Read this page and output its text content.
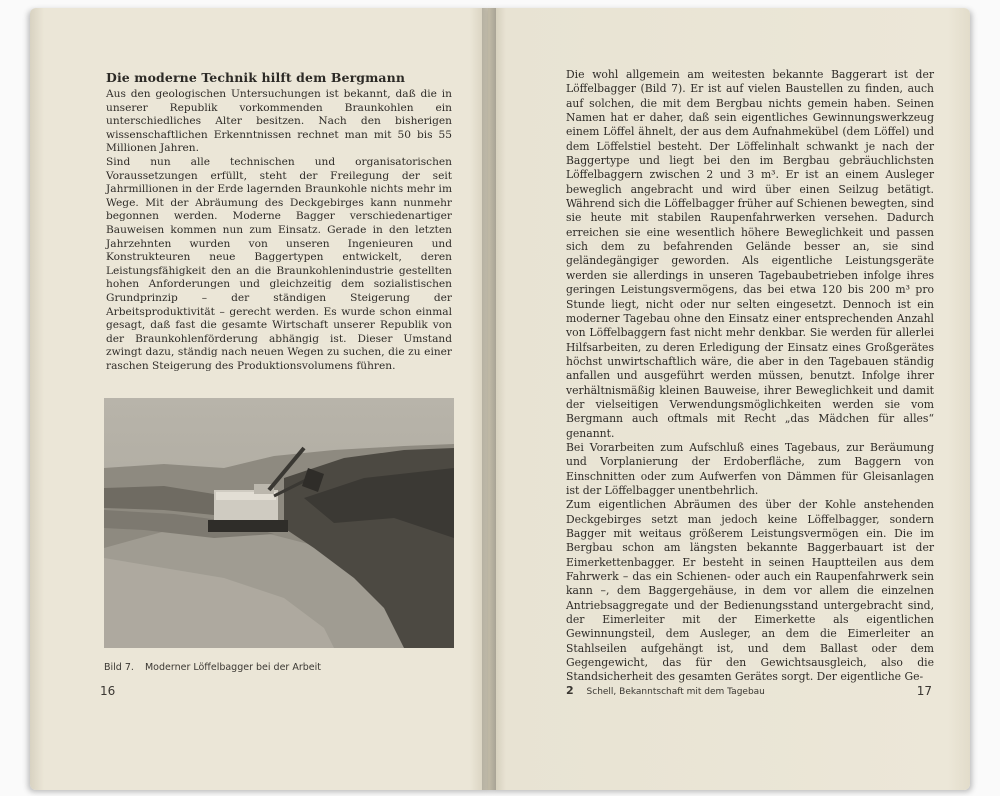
Die moderne Technik hilft dem Bergmann
Aus den geologischen Untersuchungen ist bekannt, daß die in unserer Republik vorkommenden Braunkohlen ein unterschiedliches Alter besitzen. Nach den bisherigen wissenschaftlichen Erkenntnissen rechnet man mit 50 bis 55 Millionen Jahren.
Sind nun alle technischen und organisatorischen Voraussetzungen erfüllt, steht der Freilegung der seit Jahrmillionen in der Erde lagernden Braunkohle nichts mehr im Wege. Mit der Abräumung des Deckgebirges kann nunmehr begonnen werden. Moderne Bagger verschiedenartiger Bauweisen kommen nun zum Einsatz. Gerade in den letzten Jahrzehnten wurden von unseren Ingenieuren und Konstrukteuren neue Baggertypen entwickelt, deren Leistungsfähigkeit den an die Braunkohlenindustrie gestellten hohen Anforderungen und gleichzeitig dem sozialistischen Grundprinzip – der ständigen Steigerung der Arbeitsproduktivität – gerecht werden. Es wurde schon einmal gesagt, daß fast die gesamte Wirtschaft unserer Republik von der Braunkohlenförderung abhängig ist. Dieser Umstand zwingt dazu, ständig nach neuen Wegen zu suchen, die zu einer raschen Steigerung des Produktionsvolumens führen.
Bild 7. Moderner Löffelbagger bei der Arbeit
16
Die wohl allgemein am weitesten bekannte Baggerart ist der Löffelbagger (Bild 7). Er ist auf vielen Baustellen zu finden, auch auf solchen, die mit dem Bergbau nichts gemein haben. Seinen Namen hat er daher, daß sein eigentliches Gewinnungswerkzeug einem Löffel ähnelt, der aus dem Aufnahmekübel (dem Löffel) und dem Löffelstiel besteht. Der Löffelinhalt schwankt je nach der Baggertype und liegt bei den im Bergbau gebräuchlichsten Löffelbaggern zwischen 2 und 3 m³. Er ist an einem Ausleger beweglich angebracht und wird über einen Seilzug betätigt. Während sich die Löffelbagger früher auf Schienen bewegten, sind sie heute mit stabilen Raupenfahrwerken versehen. Dadurch erreichen sie eine wesentlich höhere Beweglichkeit und passen sich dem zu befahrenden Gelände besser an, sie sind geländegängiger geworden. Als eigentliche Leistungsgeräte werden sie allerdings in unseren Tagebaubetrieben infolge ihres geringen Leistungsvermögens, das bei etwa 120 bis 200 m³ pro Stunde liegt, nicht oder nur selten eingesetzt. Dennoch ist ein moderner Tagebau ohne den Einsatz einer entsprechenden Anzahl von Löffelbaggern fast nicht mehr denkbar. Sie werden für allerlei Hilfsarbeiten, zu deren Erledigung der Einsatz eines Großgerätes höchst unwirtschaftlich wäre, die aber in den Tagebauen ständig anfallen und ausgeführt werden müssen, benutzt. Infolge ihrer verhältnismäßig kleinen Bauweise, ihrer Beweglichkeit und damit der vielseitigen Verwendungsmöglichkeiten werden sie vom Bergmann auch oftmals mit Recht „das Mädchen für alles“ genannt.
Bei Vorarbeiten zum Aufschluß eines Tagebaus, zur Beräumung und Vorplanierung der Erdoberfläche, zum Baggern von Einschnitten oder zum Aufwerfen von Dämmen für Gleisanlagen ist der Löffelbagger unentbehrlich.
Zum eigentlichen Abräumen des über der Kohle anstehenden Deckgebirges setzt man jedoch keine Löffelbagger, sondern Bagger mit weitaus größerem Leistungsvermögen ein. Die im Bergbau schon am längsten bekannte Baggerbauart ist der Eimerkettenbagger. Er besteht in seinen Hauptteilen aus dem Fahrwerk – das ein Schienen- oder auch ein Raupenfahrwerk sein kann –, dem Baggergehäuse, in dem vor allem die einzelnen Antriebsaggregate und der Bedienungsstand untergebracht sind, der Eimerleiter mit der Eimerkette als eigentlichen Gewinnungsteil, dem Ausleger, an dem die Eimerleiter an Stahlseilen aufgehängt ist, und dem Ballast oder dem Gegengewicht, das für den Gewichtsausgleich, also die Standsicherheit des gesamten Gerätes sorgt. Der eigentliche Ge-
2 Schell, Bekanntschaft mit dem Tagebau	17
